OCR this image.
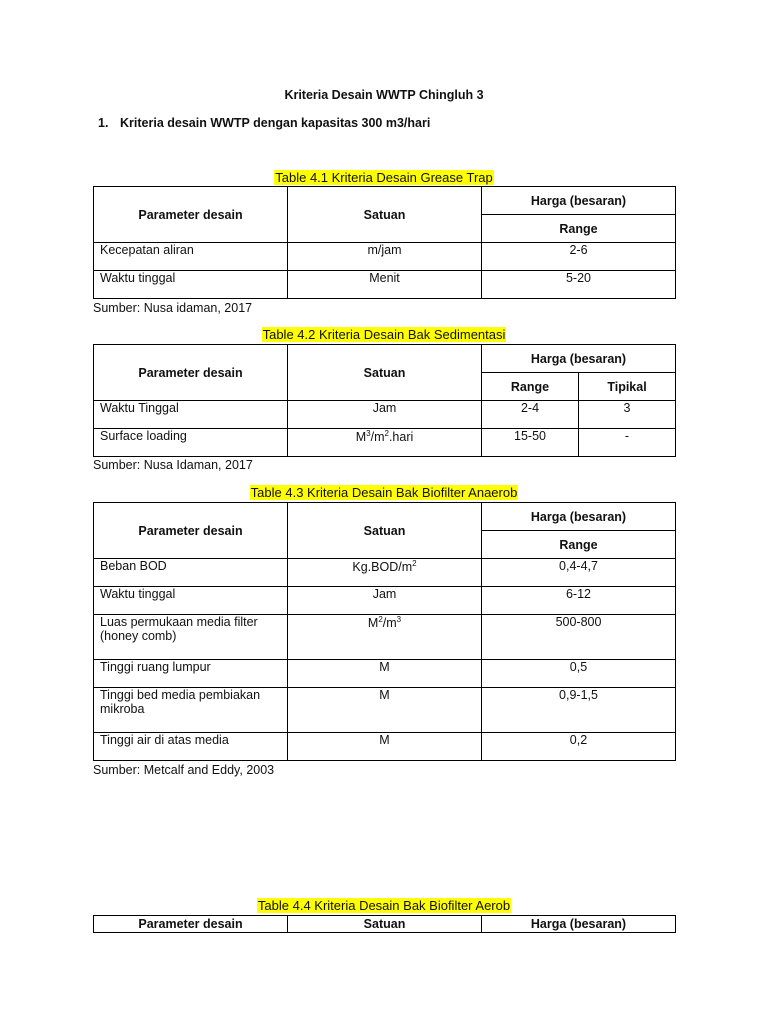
Kriteria Desain WWTP Chingluh 3
1. Kriteria desain WWTP dengan kapasitas 300 m3/hari
Table 4.1 Kriteria Desain Grease Trap
Parameter desain	Satuan	Harga (besaran)
		Range
Kecepatan aliran	m/jam	2-6
Waktu tinggal	Menit	5-20
Sumber: Nusa idaman, 2017
Table 4.2 Kriteria Desain Bak Sedimentasi
Parameter desain	Satuan	Harga (besaran)	
		Range	Tipikal
Waktu Tinggal	Jam	2-4	3
Surface loading	$M^3/m^2.hari$	15-50	-
Sumber: Nusa Idaman, 2017
Table 4.3 Kriteria Desain Bak Biofilter Anaerob
Parameter desain	Satuan	Harga (besaran)
		Range
Beban BOD	$Kg.BOD/m^2$	0,4-4,7
Waktu tinggal	Jam	6-12
Luas permukaan media filter
(honey comb)	$M^2/m^3$	500-800
Tinggi ruang lumpur	M	0,5
Tinggi bed media pembiakan
mikroba	M	0,9-1,5
Tinggi air di atas media	M	0,2
Sumber: Metcalf and Eddy, 2003
Table 4.4 Kriteria Desain Bak Biofilter Aerob
Parameter desain	Satuan	Harga (besaran)
